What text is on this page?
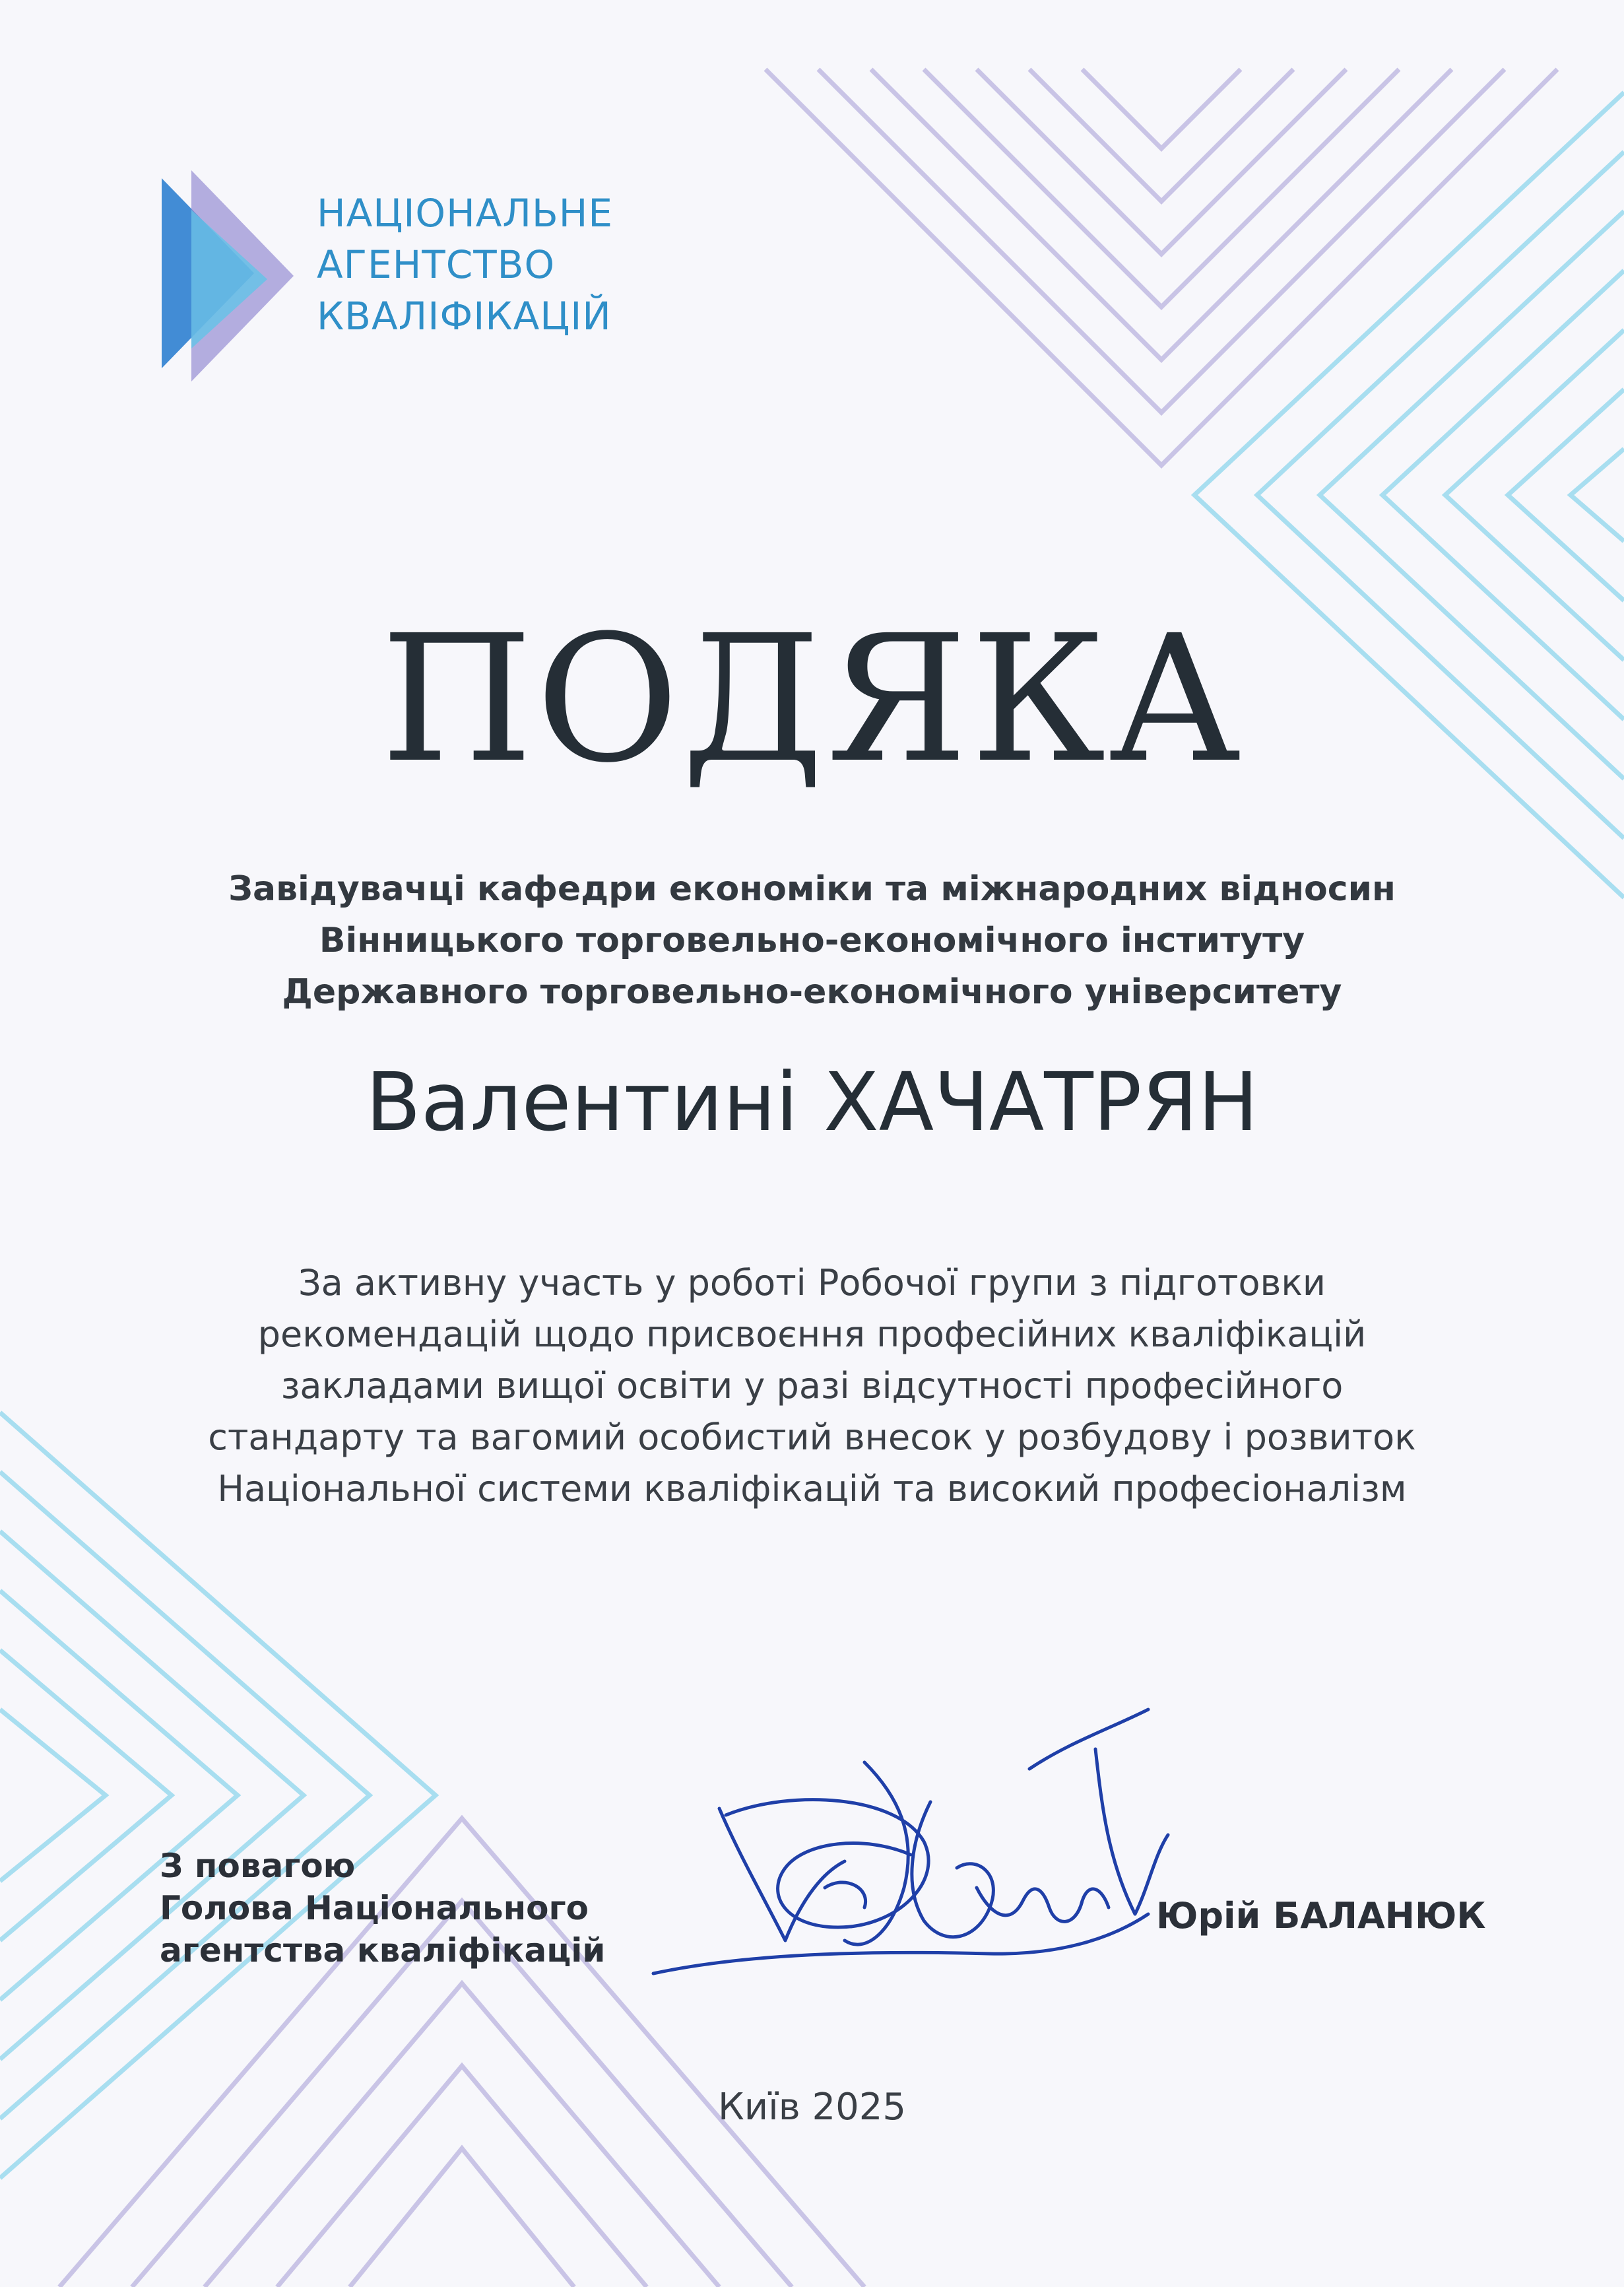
НАЦІОНАЛЬНЕ
АГЕНТСТВО
КВАЛІФІКАЦІЙ
ПОДЯКА
Завідувачці кафедри економіки та міжнародних відносин
Вінницького торговельно-економічного інституту
Державного торговельно-економічного університету
Валентині ХАЧАТРЯН
За активну участь у роботі Робочої групи з підготовки
рекомендацій щодо присвоєння професійних кваліфікацій
закладами вищої освіти у разі відсутності професійного
стандарту та вагомий особистий внесок у розбудову і розвиток
Національної системи кваліфікацій та високий професіоналізм
З повагою
Голова Національного
агентства кваліфікацій
Юрій БАЛАНЮК
Київ 2025
